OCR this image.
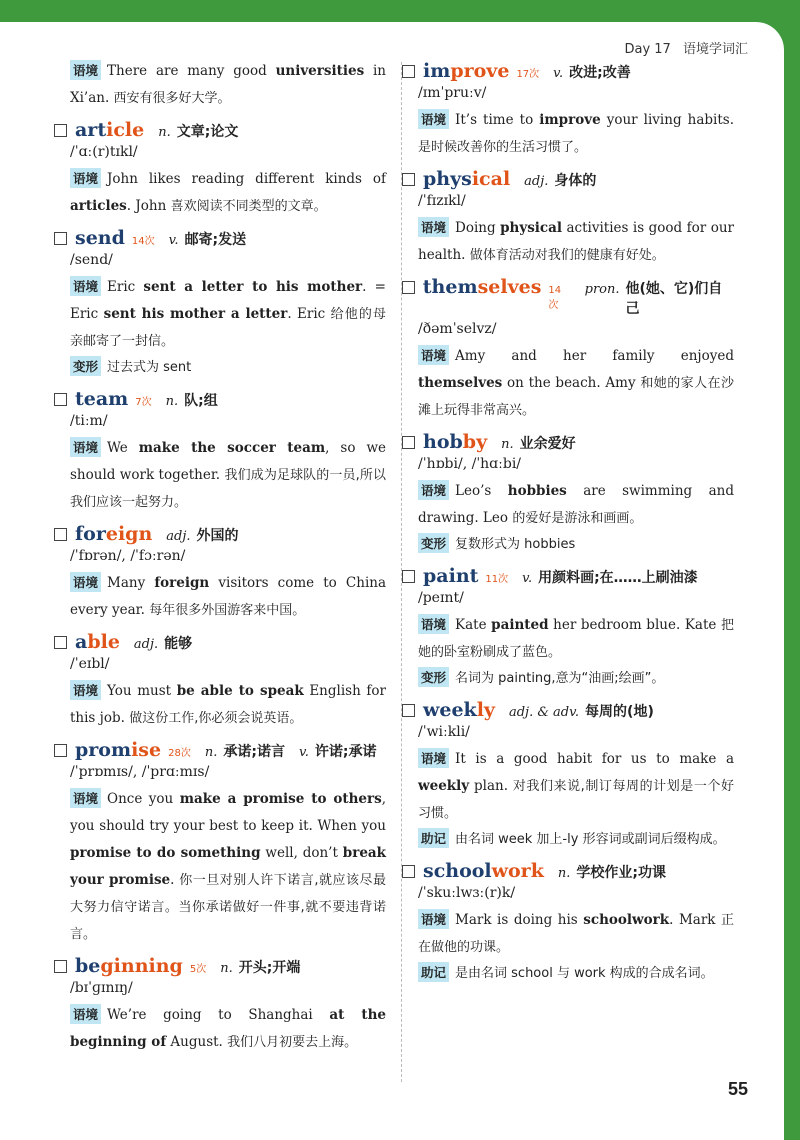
Day 17 语境学词汇
语境 There are many good universities in Xi’an. 西安有很多好大学。
article n. 文章;论文
/ˈɑː(r)tɪkl/
语境 John likes reading different kinds of articles. John 喜欢阅读不同类型的文章。
send 14次 v. 邮寄;发送
/send/
语境 Eric sent a letter to his mother. = Eric sent his mother a letter. Eric 给他的母亲邮寄了一封信。
变形 过去式为 sent
team 7次 n. 队;组
/tiːm/
语境 We make the soccer team, so we should work together. 我们成为足球队的一员,所以我们应该一起努力。
foreign adj. 外国的
/ˈfɒrən/, /ˈfɔːrən/
语境 Many foreign visitors come to China every year. 每年很多外国游客来中国。
able adj. 能够
/ˈeɪbl/
语境 You must be able to speak English for this job. 做这份工作,你必须会说英语。
promise 28次 n. 承诺;诺言 v. 许诺;承诺
/ˈprɒmɪs/, /ˈprɑːmɪs/
语境 Once you make a promise to others, you should try your best to keep it. When you promise to do something well, don’t break your promise. 你一旦对别人许下诺言,就应该尽最大努力信守诺言。当你承诺做好一件事,就不要违背诺言。
beginning 5次 n. 开头;开端
/bɪˈɡɪnɪŋ/
语境 We’re going to Shanghai at the beginning of August. 我们八月初要去上海。
improve 17次 v. 改进;改善
/ɪmˈpruːv/
语境 It’s time to improve your living habits. 是时候改善你的生活习惯了。
physical adj. 身体的
/ˈfɪzɪkl/
语境 Doing physical activities is good for our health. 做体育活动对我们的健康有好处。
themselves 14次
pron. 他(她、它)们自己
/ðəmˈselvz/
语境 Amy and her family enjoyed themselves on the beach. Amy 和她的家人在沙滩上玩得非常高兴。
hobby n. 业余爱好
/ˈhɒbi/, /ˈhɑːbi/
语境 Leo’s hobbies are swimming and drawing. Leo 的爱好是游泳和画画。
变形 复数形式为 hobbies
paint 11次 v. 用颜料画;在……上刷油漆
/peɪnt/
语境 Kate painted her bedroom blue. Kate 把她的卧室粉刷成了蓝色。
变形 名词为 painting,意为“油画;绘画”。
weekly adj. & adv. 每周的(地)
/ˈwiːkli/
语境 It is a good habit for us to make a weekly plan. 对我们来说,制订每周的计划是一个好习惯。
助记 由名词 week 加上-ly 形容词或副词后缀构成。
schoolwork n. 学校作业;功课
/ˈskuːlwɜː(r)k/
语境 Mark is doing his schoolwork. Mark 正在做他的功课。
助记 是由名词 school 与 work 构成的合成名词。
55
